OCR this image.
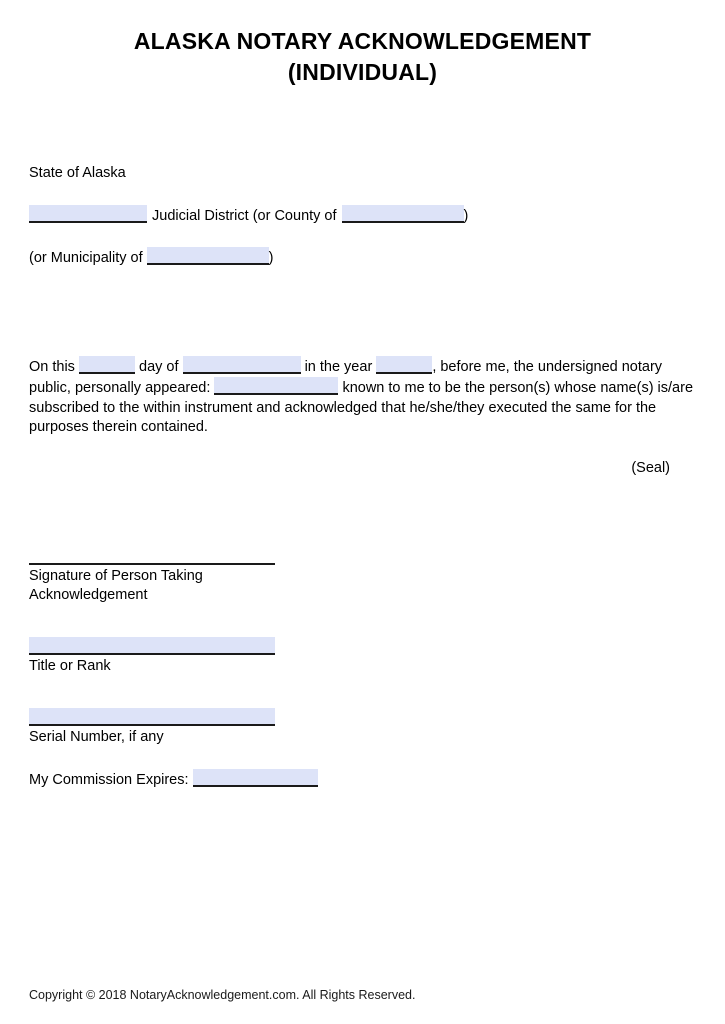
ALASKA NOTARY ACKNOWLEDGEMENT
(INDIVIDUAL)
State of Alaska
Judicial District (or County of	)
(or Municipality of	)
On this	day of	in the year	, before me, the undersigned notary public, personally appeared:	known to me to be the person(s) whose name(s) is/are subscribed to the within instrument and acknowledged that he/she/they executed the same for the purposes therein contained.
(Seal)
Signature of Person Taking
Acknowledgement
Title or Rank
Serial Number, if any
My Commission Expires:
Copyright © 2018 NotaryAcknowledgement.com. All Rights Reserved.
